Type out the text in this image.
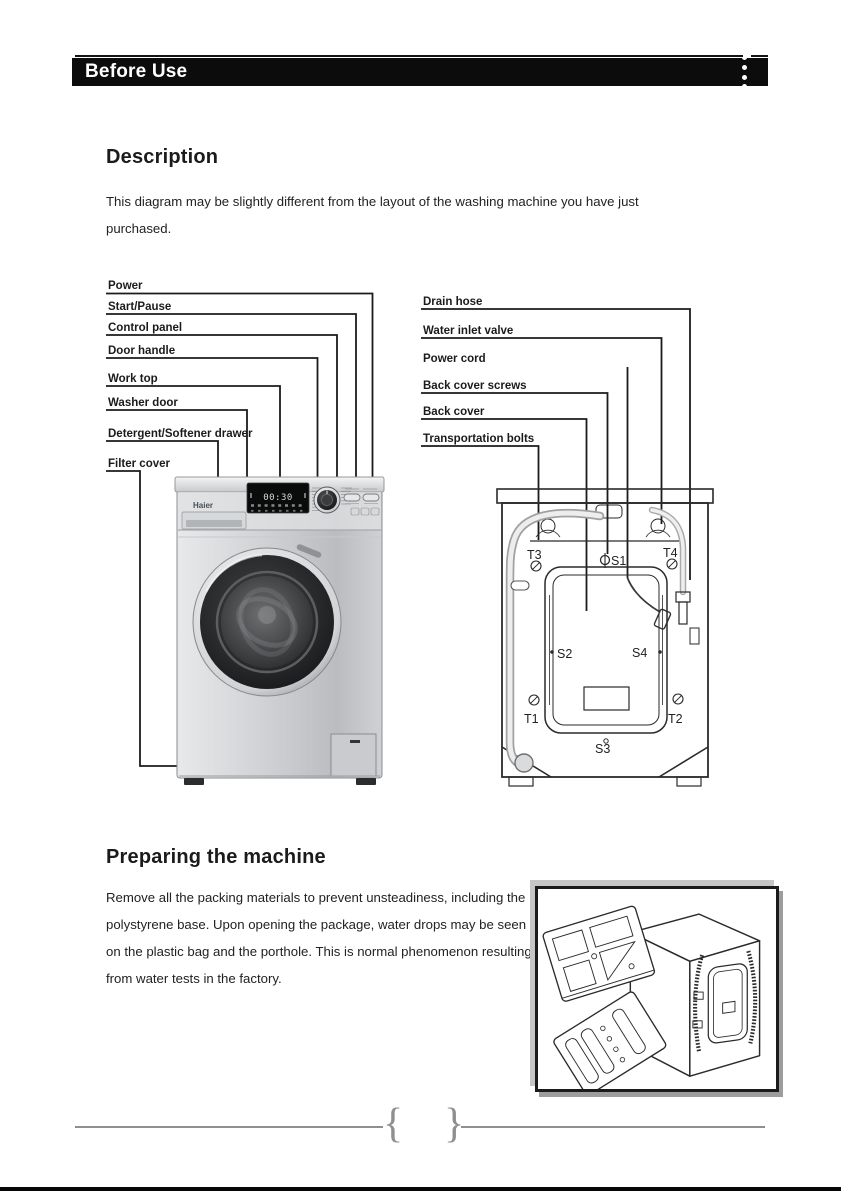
Before Use
Description
This diagram may be slightly different from the layout of the washing machine you have just purchased.
Power
Start/Pause
Control panel
Door handle
Work top
Washer door
Detergent/Softener drawer
Filter cover
Haier
00:30
Drain hose
Water inlet valve
Power cord
Back cover screws
Back cover
Transportation bolts
T3	T4
S1
S2	S4
T1	T2
S3
Preparing the machine
Remove all the packing materials to prevent unsteadiness, including the polystyrene base. Upon opening the package, water drops may be seen on the plastic bag and the porthole. This is normal phenomenon resulting from water tests in the factory.
{ }
